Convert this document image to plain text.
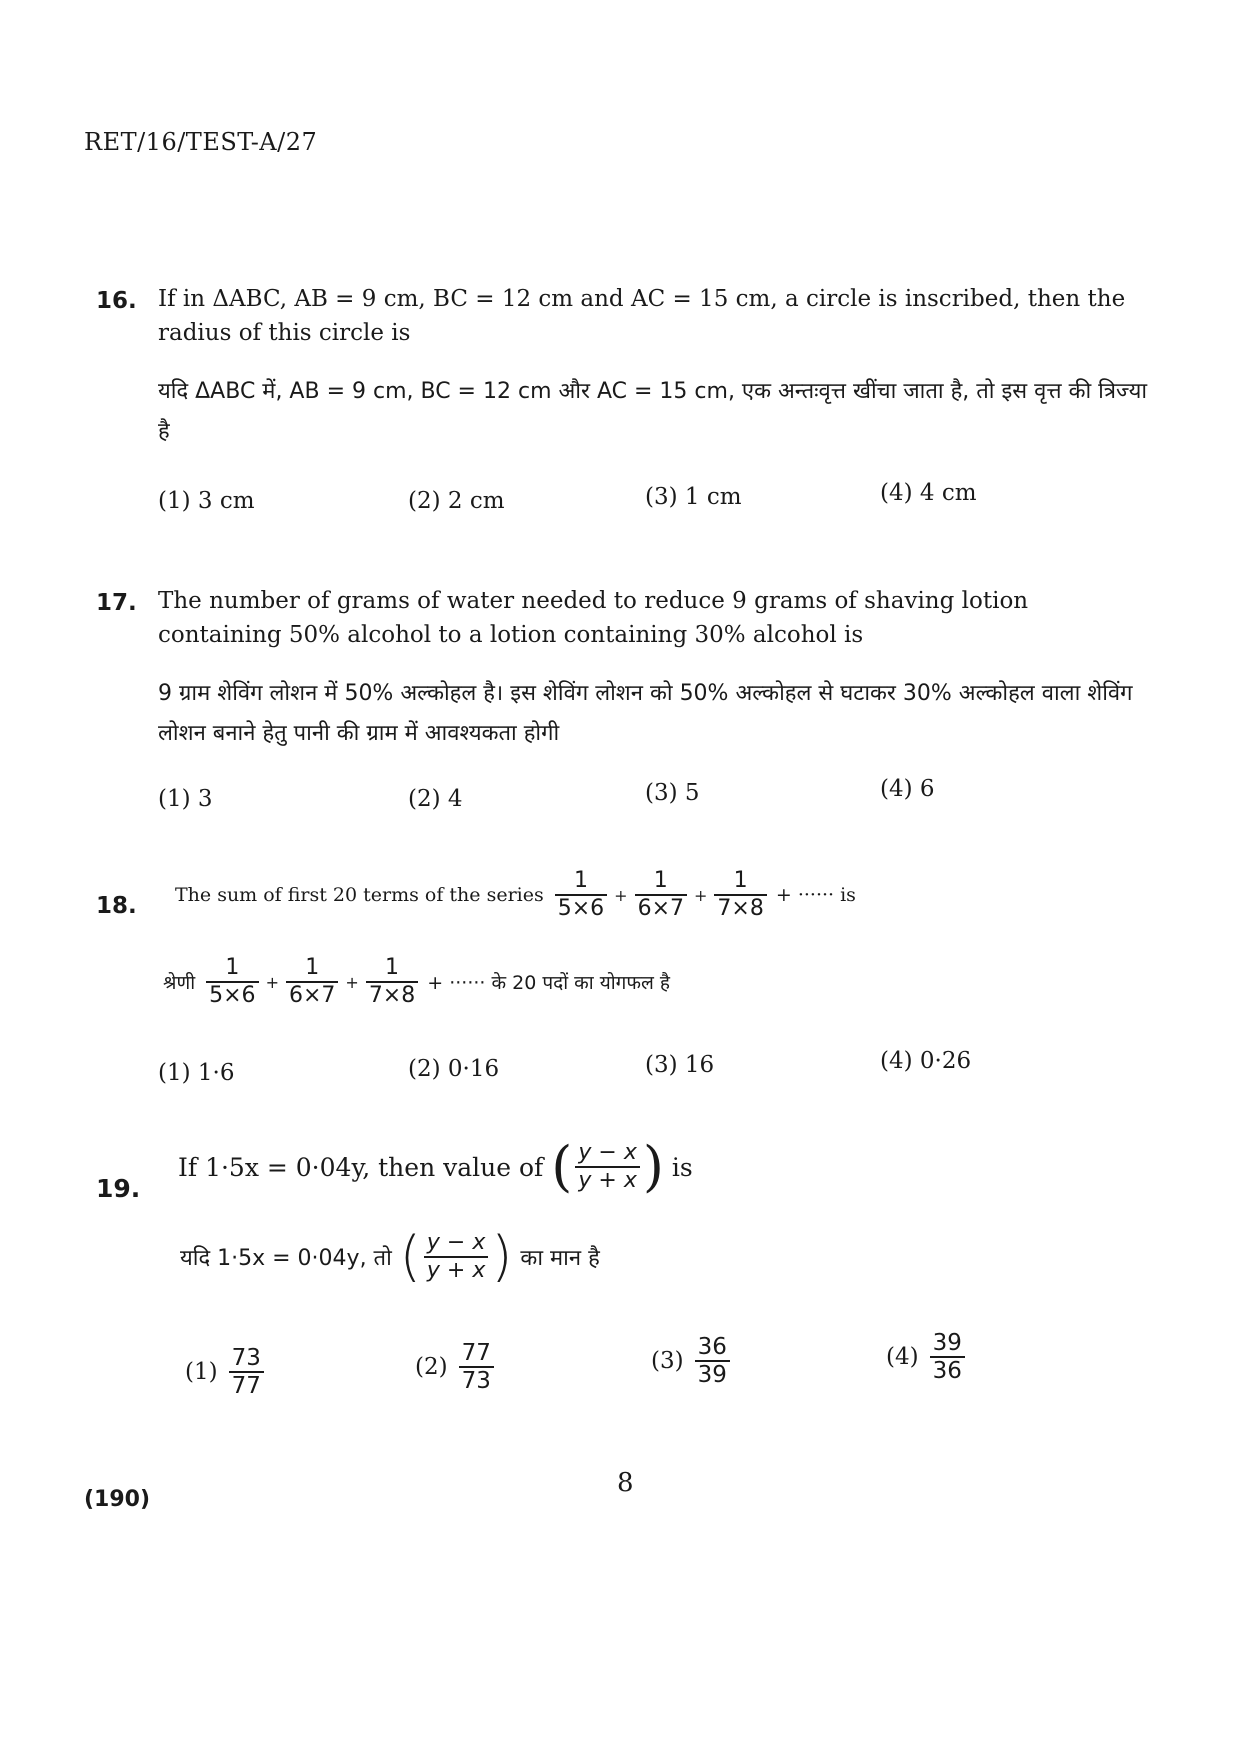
RET/16/TEST-A/27
16. If in ΔABC, AB = 9 cm, BC = 12 cm and AC = 15 cm, a circle is inscribed, then the radius of this circle is
यदि ΔABC में, AB = 9 cm, BC = 12 cm और AC = 15 cm, एक अन्तःवृत्त खींचा जाता है, तो इस वृत्त की त्रिज्या है
(1) 3 cm	(2) 2 cm	(3) 1 cm	(4) 4 cm
17. The number of grams of water needed to reduce 9 grams of shaving lotion containing 50% alcohol to a lotion containing 30% alcohol is
9 ग्राम शेविंग लोशन में 50% अल्कोहल है। इस शेविंग लोशन को 50% अल्कोहल से घटाकर 30% अल्कोहल वाला शेविंग लोशन बनाने हेतु पानी की ग्राम में आवश्यकता होगी
(1) 3	(2) 4	(3) 5	(4) 6
18. The sum of first 20 terms of the series $\frac{1}{5\times 6} + \frac{1}{6\times 7} + \frac{1}{7\times 8}$ + ······ is
श्रेणी $\frac{1}{5\times 6} + \frac{1}{6\times 7} + \frac{1}{7\times 8}$ + ······ के 20 पदों का योगफल है
(1) 1·6	(2) 0·16	(3) 16	(4) 0·26
19.
If 1·5x = 0·04y, then value of ( $\frac{y - x}{y + x}$ ) is
यदि 1·5x = 0·04y, तो ( $\frac{y - x}{y + x}$ ) का मान है
$(1) \frac{73}{77}$	$(2) \frac{77}{73}$	$(3) \frac{36}{39}$	$(4) \frac{39}{36}$
8
(190)
